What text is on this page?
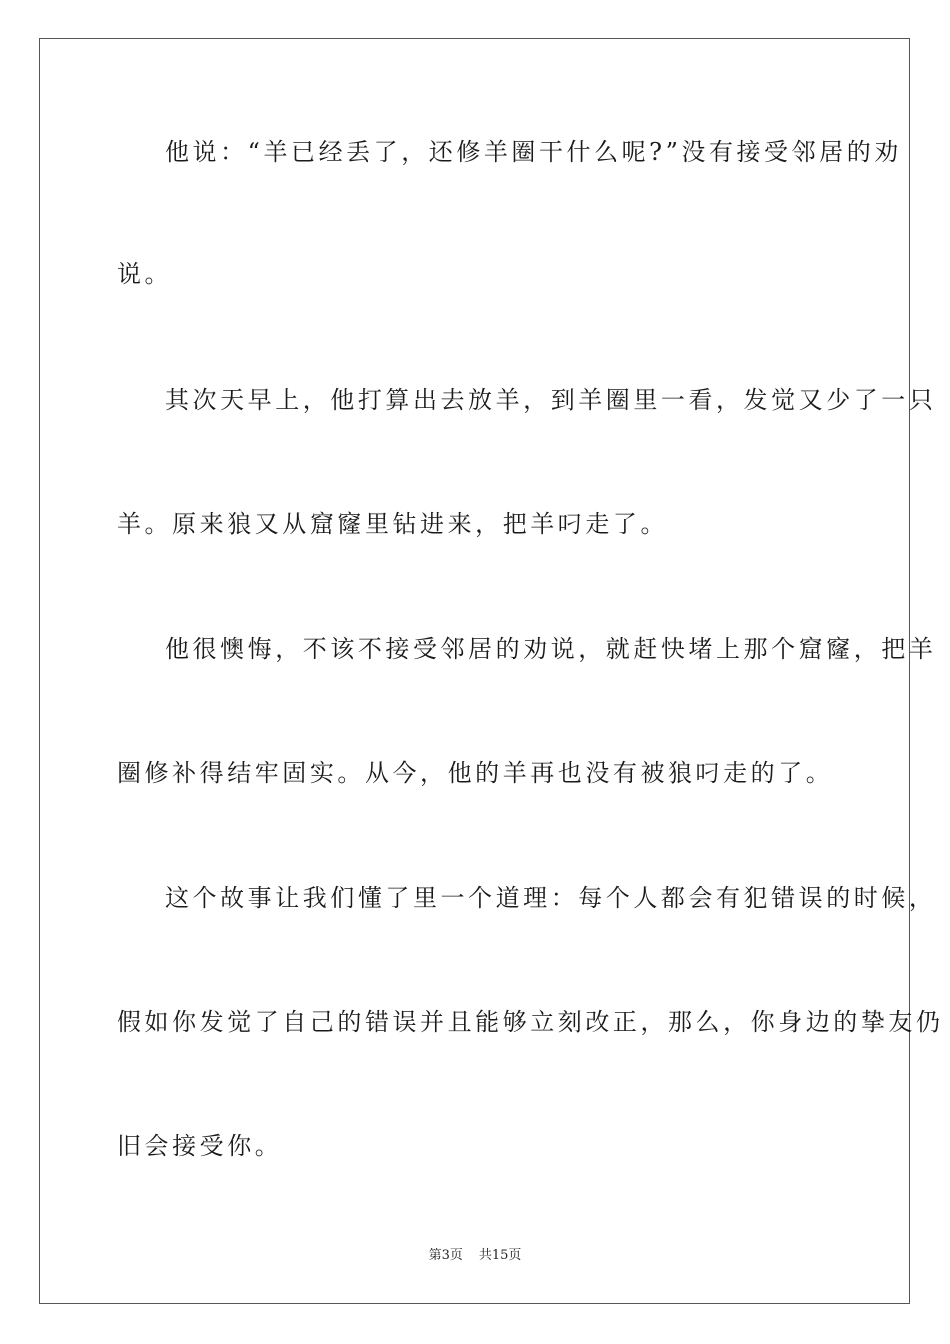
他说：“羊已经丢了，还修羊圈干什么呢?”没有接受邻居的劝
说。
其次天早上，他打算出去放羊，到羊圈里一看，发觉又少了一只
羊。原来狼又从窟窿里钻进来，把羊叼走了。
他很懊悔，不该不接受邻居的劝说，就赶快堵上那个窟窿，把羊
圈修补得结牢固实。从今，他的羊再也没有被狼叼走的了。
这个故事让我们懂了里一个道理：每个人都会有犯错误的时候，
假如你发觉了自己的错误并且能够立刻改正，那么，你身边的挚友仍
旧会接受你。
第3页 共15页
